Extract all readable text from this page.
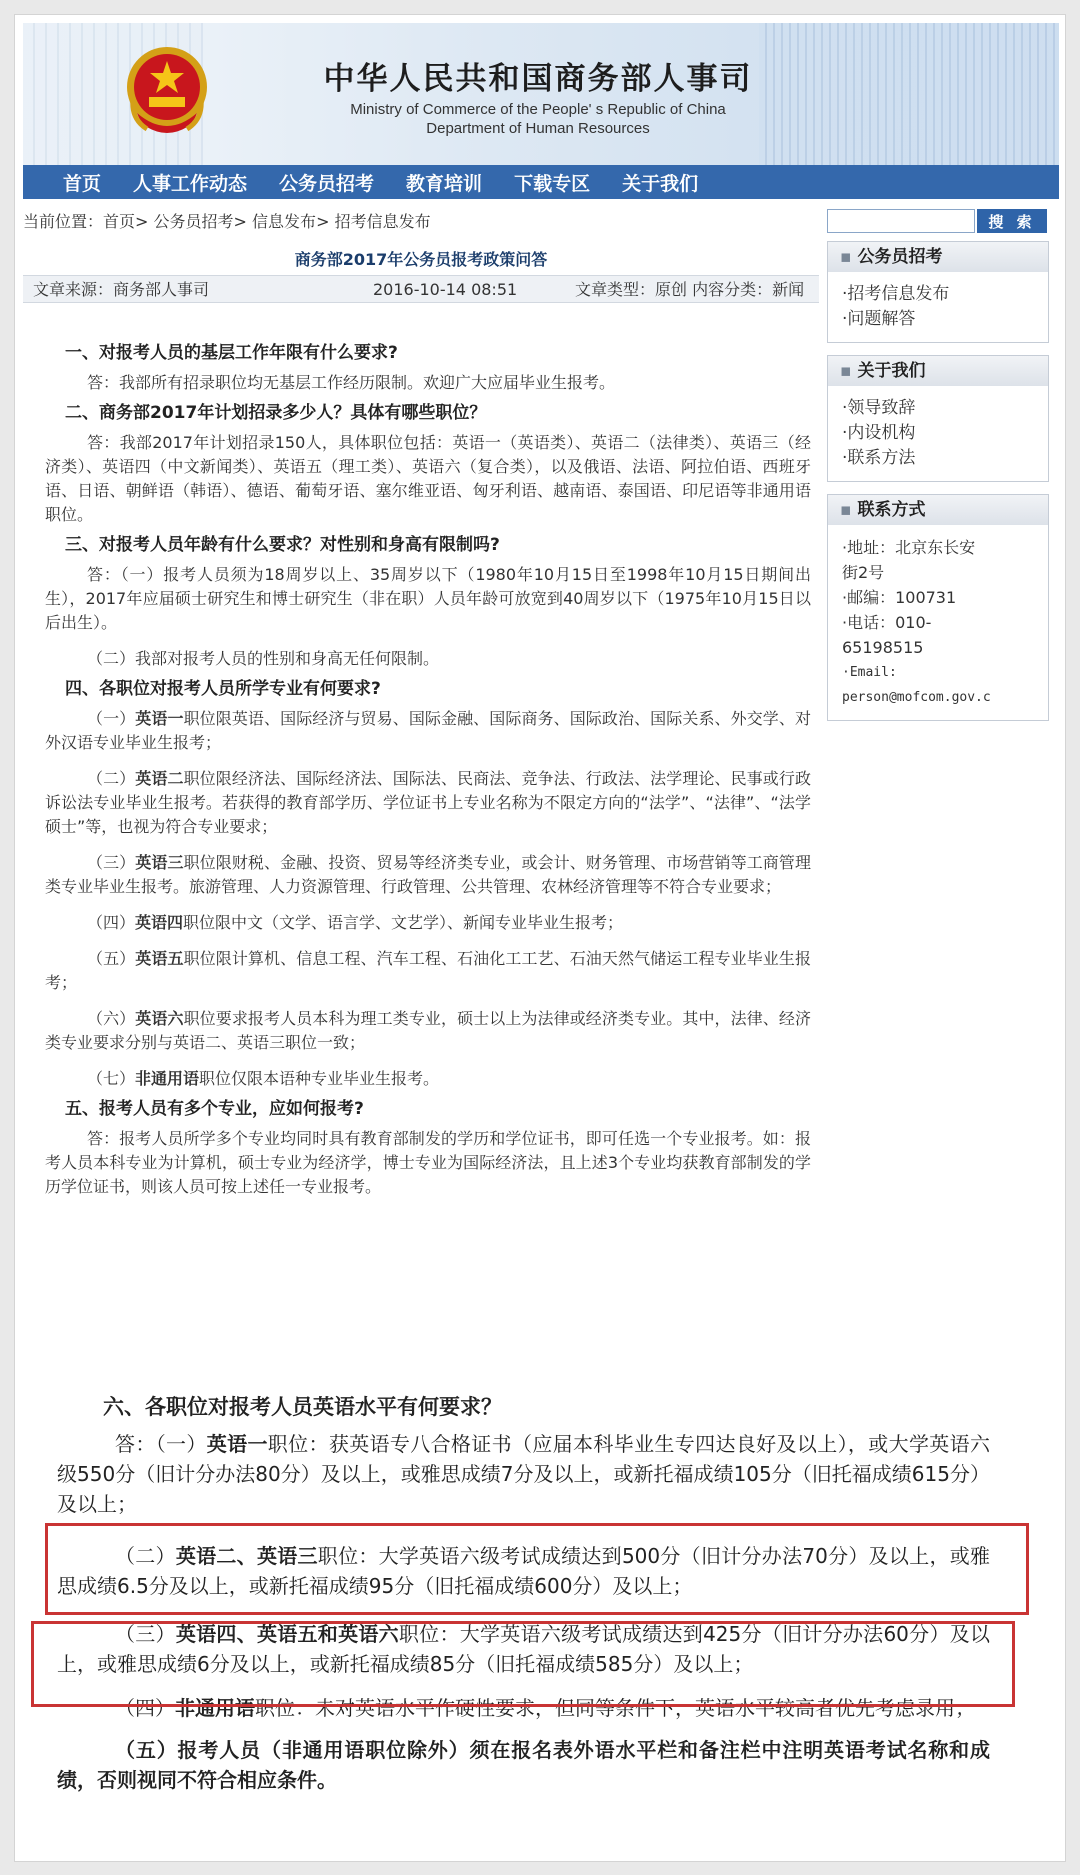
中华人民共和国商务部人事司
Ministry of Commerce of the People' s Republic of China
Department of Human Resources
首页 人事工作动态 公务员招考 教育培训 下载专区 关于我们
当前位置：首页> 公务员招考> 信息发布> 招考信息发布	搜 索
商务部2017年公务员报考政策问答
文章来源：商务部人事司	2016-10-14 08:51	文章类型：原创 内容分类：新闻
一、对报考人员的基层工作年限有什么要求?
答：我部所有招录职位均无基层工作经历限制。欢迎广大应届毕业生报考。
二、商务部2017年计划招录多少人？具体有哪些职位？
答：我部2017年计划招录150人，具体职位包括：英语一（英语类）、英语二（法律类）、英语三（经济类）、英语四（中文新闻类）、英语五（理工类）、英语六（复合类），以及俄语、法语、阿拉伯语、西班牙语、日语、朝鲜语（韩语）、德语、葡萄牙语、塞尔维亚语、匈牙利语、越南语、泰国语、印尼语等非通用语职位。
三、对报考人员年龄有什么要求？对性别和身高有限制吗?
答：（一）报考人员须为18周岁以上、35周岁以下（1980年10月15日至1998年10月15日期间出生），2017年应届硕士研究生和博士研究生（非在职）人员年龄可放宽到40周岁以下（1975年10月15日以后出生）。
（二）我部对报考人员的性别和身高无任何限制。
四、各职位对报考人员所学专业有何要求?
（一）英语一职位限英语、国际经济与贸易、国际金融、国际商务、国际政治、国际关系、外交学、对外汉语专业毕业生报考；
（二）英语二职位限经济法、国际经济法、国际法、民商法、竞争法、行政法、法学理论、民事或行政诉讼法专业毕业生报考。若获得的教育部学历、学位证书上专业名称为不限定方向的“法学”、“法律”、“法学硕士”等，也视为符合专业要求；
（三）英语三职位限财税、金融、投资、贸易等经济类专业，或会计、财务管理、市场营销等工商管理类专业毕业生报考。旅游管理、人力资源管理、行政管理、公共管理、农林经济管理等不符合专业要求；
（四）英语四职位限中文（文学、语言学、文艺学）、新闻专业毕业生报考；
（五）英语五职位限计算机、信息工程、汽车工程、石油化工工艺、石油天然气储运工程专业毕业生报考；
（六）英语六职位要求报考人员本科为理工类专业，硕士以上为法律或经济类专业。其中，法律、经济类专业要求分别与英语二、英语三职位一致；
（七）非通用语职位仅限本语种专业毕业生报考。
五、报考人员有多个专业，应如何报考?
答：报考人员所学多个专业均同时具有教育部制发的学历和学位证书，即可任选一个专业报考。如：报考人员本科专业为计算机，硕士专业为经济学，博士专业为国际经济法，且上述3个专业均获教育部制发的学历学位证书，则该人员可按上述任一专业报考。
六、各职位对报考人员英语水平有何要求？
答：（一）英语一职位：获英语专八合格证书（应届本科毕业生专四达良好及以上），或大学英语六级550分（旧计分办法80分）及以上，或雅思成绩7分及以上，或新托福成绩105分（旧托福成绩615分）及以上；
（二）英语二、英语三职位：大学英语六级考试成绩达到500分（旧计分办法70分）及以上，或雅思成绩6.5分及以上，或新托福成绩95分（旧托福成绩600分）及以上；
（三）英语四、英语五和英语六职位：大学英语六级考试成绩达到425分（旧计分办法60分）及以上，或雅思成绩6分及以上，或新托福成绩85分（旧托福成绩585分）及以上；
（四）非通用语职位：未对英语水平作硬性要求，但同等条件下，英语水平较高者优先考虑录用；
（五）报考人员（非通用语职位除外）须在报名表外语水平栏和备注栏中注明英语考试名称和成绩，否则视同不符合相应条件。
▪ 公务员招考
·招考信息发布
·问题解答
▪ 关于我们
·领导致辞
·内设机构
·联系方法
▪ 联系方式
·地址：北京东长安
街2号
·邮编：100731
·电话：010-
65198515
·Email:
person@mofcom.gov.c
